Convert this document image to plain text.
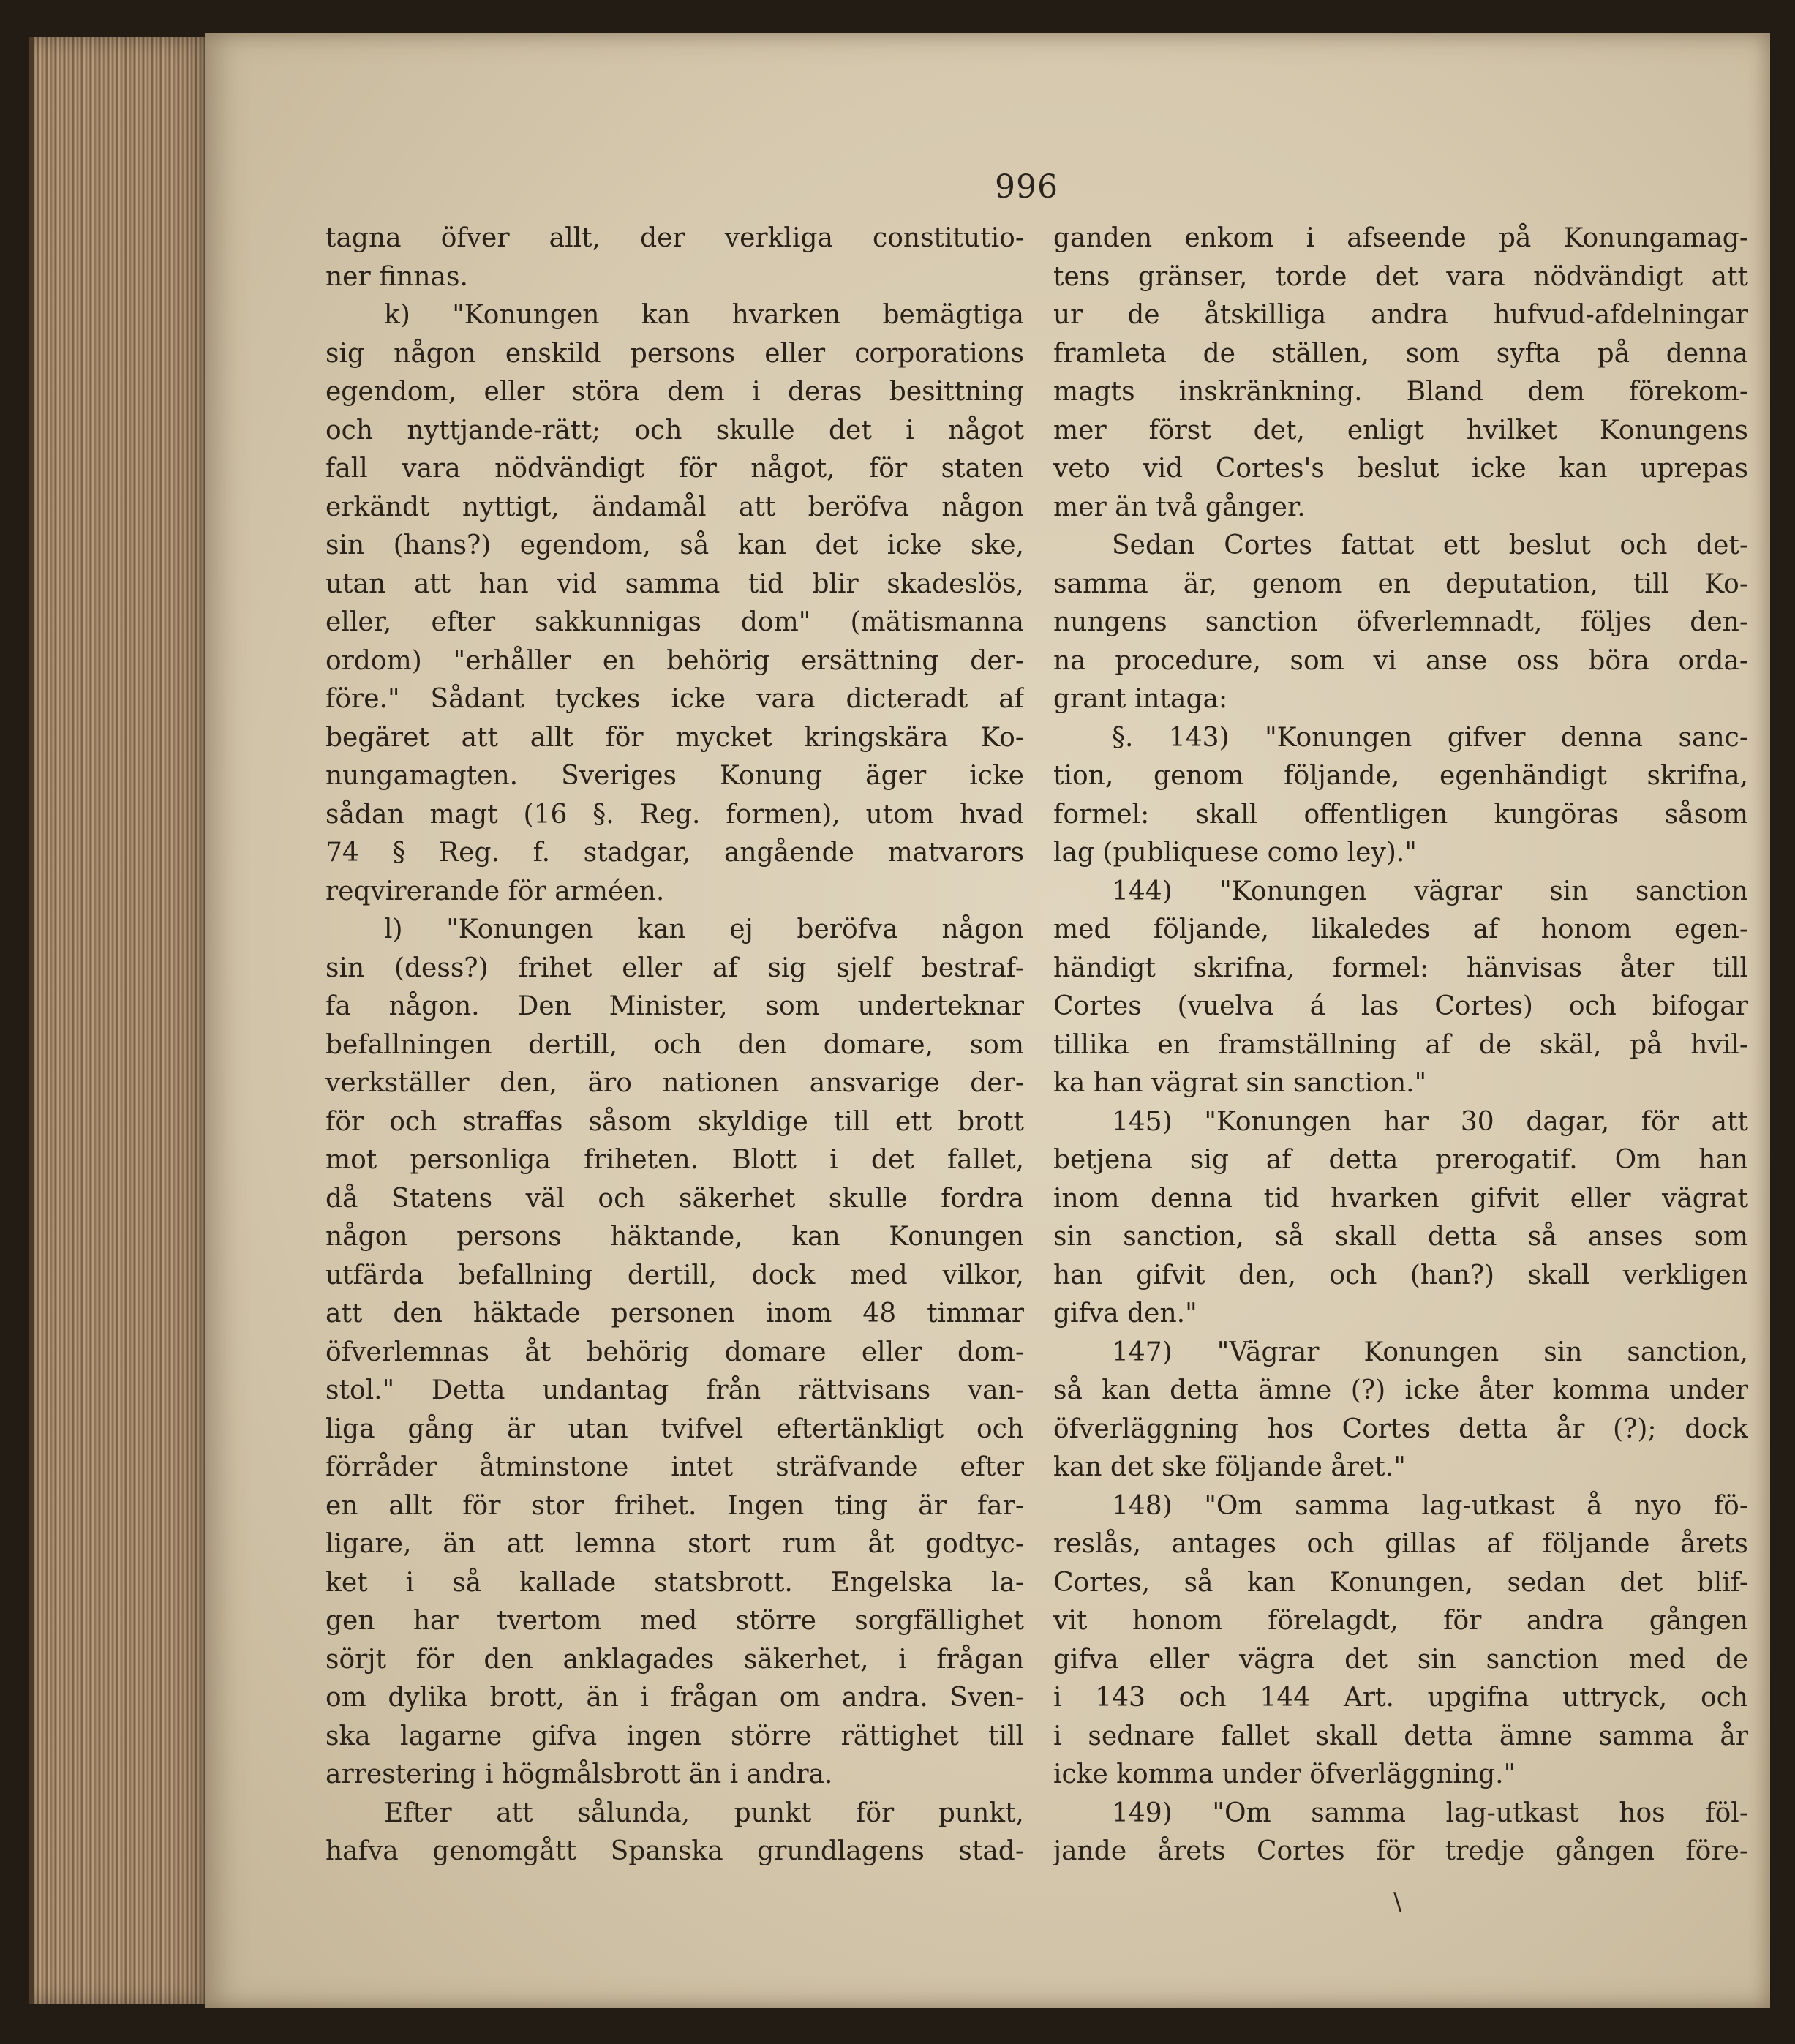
996
tagna öfver allt, der verkliga constitutio-
ner finnas.
k) "Konungen kan hvarken bemägtiga
sig någon enskild persons eller corporations
egendom, eller störa dem i deras besittning
och nyttjande-rätt; och skulle det i något
fall vara nödvändigt för något, för staten
erkändt nyttigt, ändamål att beröfva någon
sin (hans?) egendom, så kan det icke ske,
utan att han vid samma tid blir skadeslös,
eller, efter sakkunnigas dom" (mätismanna
ordom) "erhåller en behörig ersättning der-
före." Sådant tyckes icke vara dicteradt af
begäret att allt för mycket kringskära Ko-
nungamagten. Sveriges Konung äger icke
sådan magt (16 §. Reg. formen), utom hvad
74 § Reg. f. stadgar, angående matvarors
reqvirerande för arméen.
l) "Konungen kan ej beröfva någon
sin (dess?) frihet eller af sig sjelf bestraf-
fa någon. Den Minister, som underteknar
befallningen dertill, och den domare, som
verkställer den, äro nationen ansvarige der-
för och straffas såsom skyldige till ett brott
mot personliga friheten. Blott i det fallet,
då Statens väl och säkerhet skulle fordra
någon persons häktande, kan Konungen
utfärda befallning dertill, dock med vilkor,
att den häktade personen inom 48 timmar
öfverlemnas åt behörig domare eller dom-
stol." Detta undantag från rättvisans van-
liga gång är utan tvifvel eftertänkligt och
förråder åtminstone intet sträfvande efter
en allt för stor frihet. Ingen ting är far-
ligare, än att lemna stort rum åt godtyc-
ket i så kallade statsbrott. Engelska la-
gen har tvertom med större sorgfällighet
sörjt för den anklagades säkerhet, i frågan
om dylika brott, än i frågan om andra. Sven-
ska lagarne gifva ingen större rättighet till
arrestering i högmålsbrott än i andra.
Efter att sålunda, punkt för punkt,
hafva genomgått Spanska grundlagens stad-
ganden enkom i afseende på Konungamag-
tens gränser, torde det vara nödvändigt att
ur de åtskilliga andra hufvud-afdelningar
framleta de ställen, som syfta på denna
magts inskränkning. Bland dem förekom-
mer först det, enligt hvilket Konungens
veto vid Cortes's beslut icke kan uprepas
mer än två gånger.
Sedan Cortes fattat ett beslut och det-
samma är, genom en deputation, till Ko-
nungens sanction öfverlemnadt, följes den-
na procedure, som vi anse oss böra orda-
grant intaga:
§. 143) "Konungen gifver denna sanc-
tion, genom följande, egenhändigt skrifna,
formel: skall offentligen kungöras såsom
lag (publiquese como ley)."
144) "Konungen vägrar sin sanction
med följande, likaledes af honom egen-
händigt skrifna, formel: hänvisas åter till
Cortes (vuelva á las Cortes) och bifogar
tillika en framställning af de skäl, på hvil-
ka han vägrat sin sanction."
145) "Konungen har 30 dagar, för att
betjena sig af detta prerogatif. Om han
inom denna tid hvarken gifvit eller vägrat
sin sanction, så skall detta så anses som
han gifvit den, och (han?) skall verkligen
gifva den."
147) "Vägrar Konungen sin sanction,
så kan detta ämne (?) icke åter komma under
öfverläggning hos Cortes detta år (?); dock
kan det ske följande året."
148) "Om samma lag-utkast å nyo fö-
reslås, antages och gillas af följande årets
Cortes, så kan Konungen, sedan det blif-
vit honom förelagdt, för andra gången
gifva eller vägra det sin sanction med de
i 143 och 144 Art. upgifna uttryck, och
i sednare fallet skall detta ämne samma år
icke komma under öfverläggning."
149) "Om samma lag-utkast hos föl-
jande årets Cortes för tredje gången före-
\
